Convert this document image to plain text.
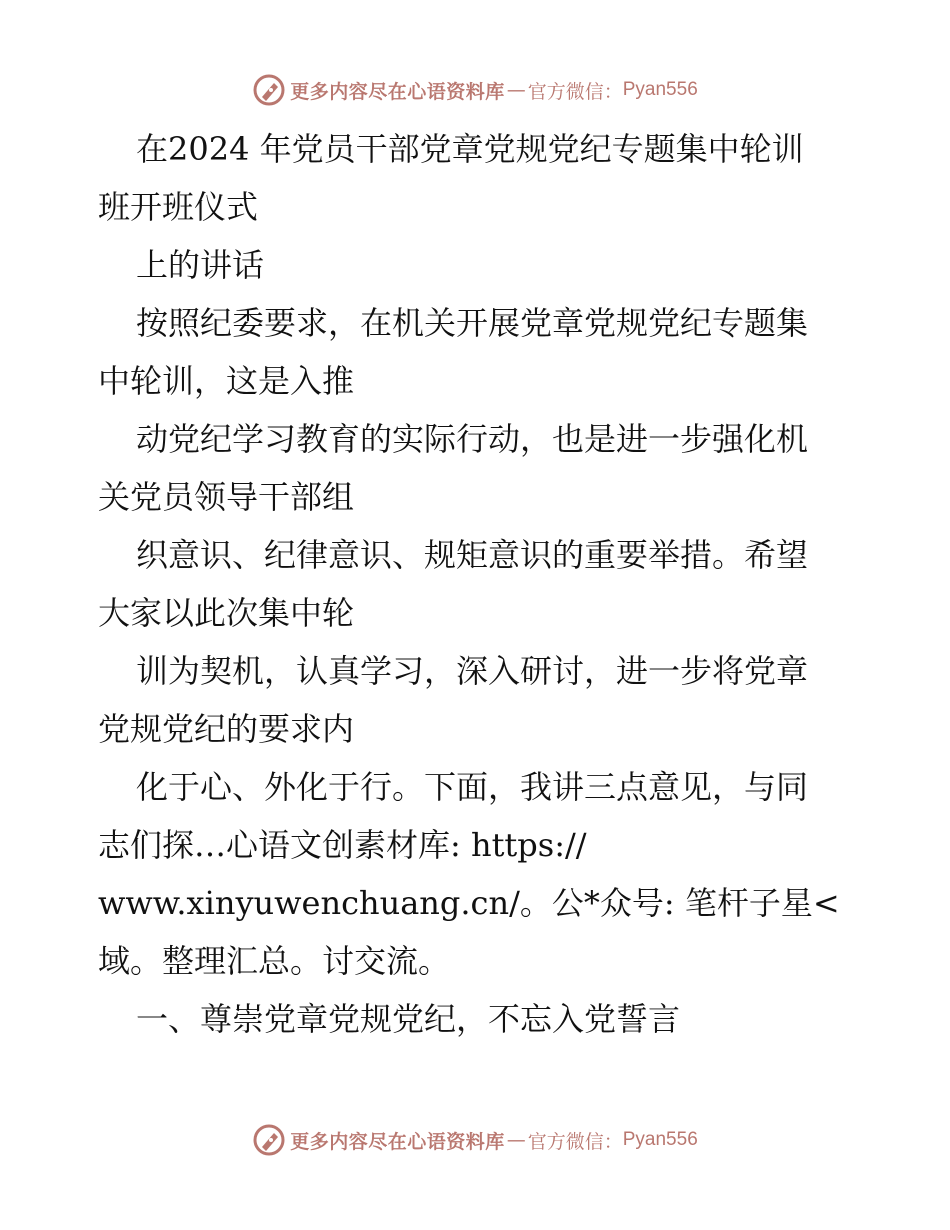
更多内容尽在心语资料库 — 官方微信： Pyan556
在2024 年党员干部党章党规党纪专题集中轮训
班开班仪式
上的讲话
按照纪委要求，在机关开展党章党规党纪专题集
中轮训，这是入推
动党纪学习教育的实际行动，也是进一步强化机
关党员领导干部组
织意识、纪律意识、规矩意识的重要举措。希望
大家以此次集中轮
训为契机，认真学习，深入研讨，进一步将党章
党规党纪的要求内
化于心、外化于行。下面，我讲三点意见，与同
志们探…心语文创素材库: https://
www.xinyuwenchuang.cn/。公*众号: 笔杆子星<
域。整理汇总。讨交流。
一、尊崇党章党规党纪，不忘入党誓言
更多内容尽在心语资料库 — 官方微信： Pyan556
